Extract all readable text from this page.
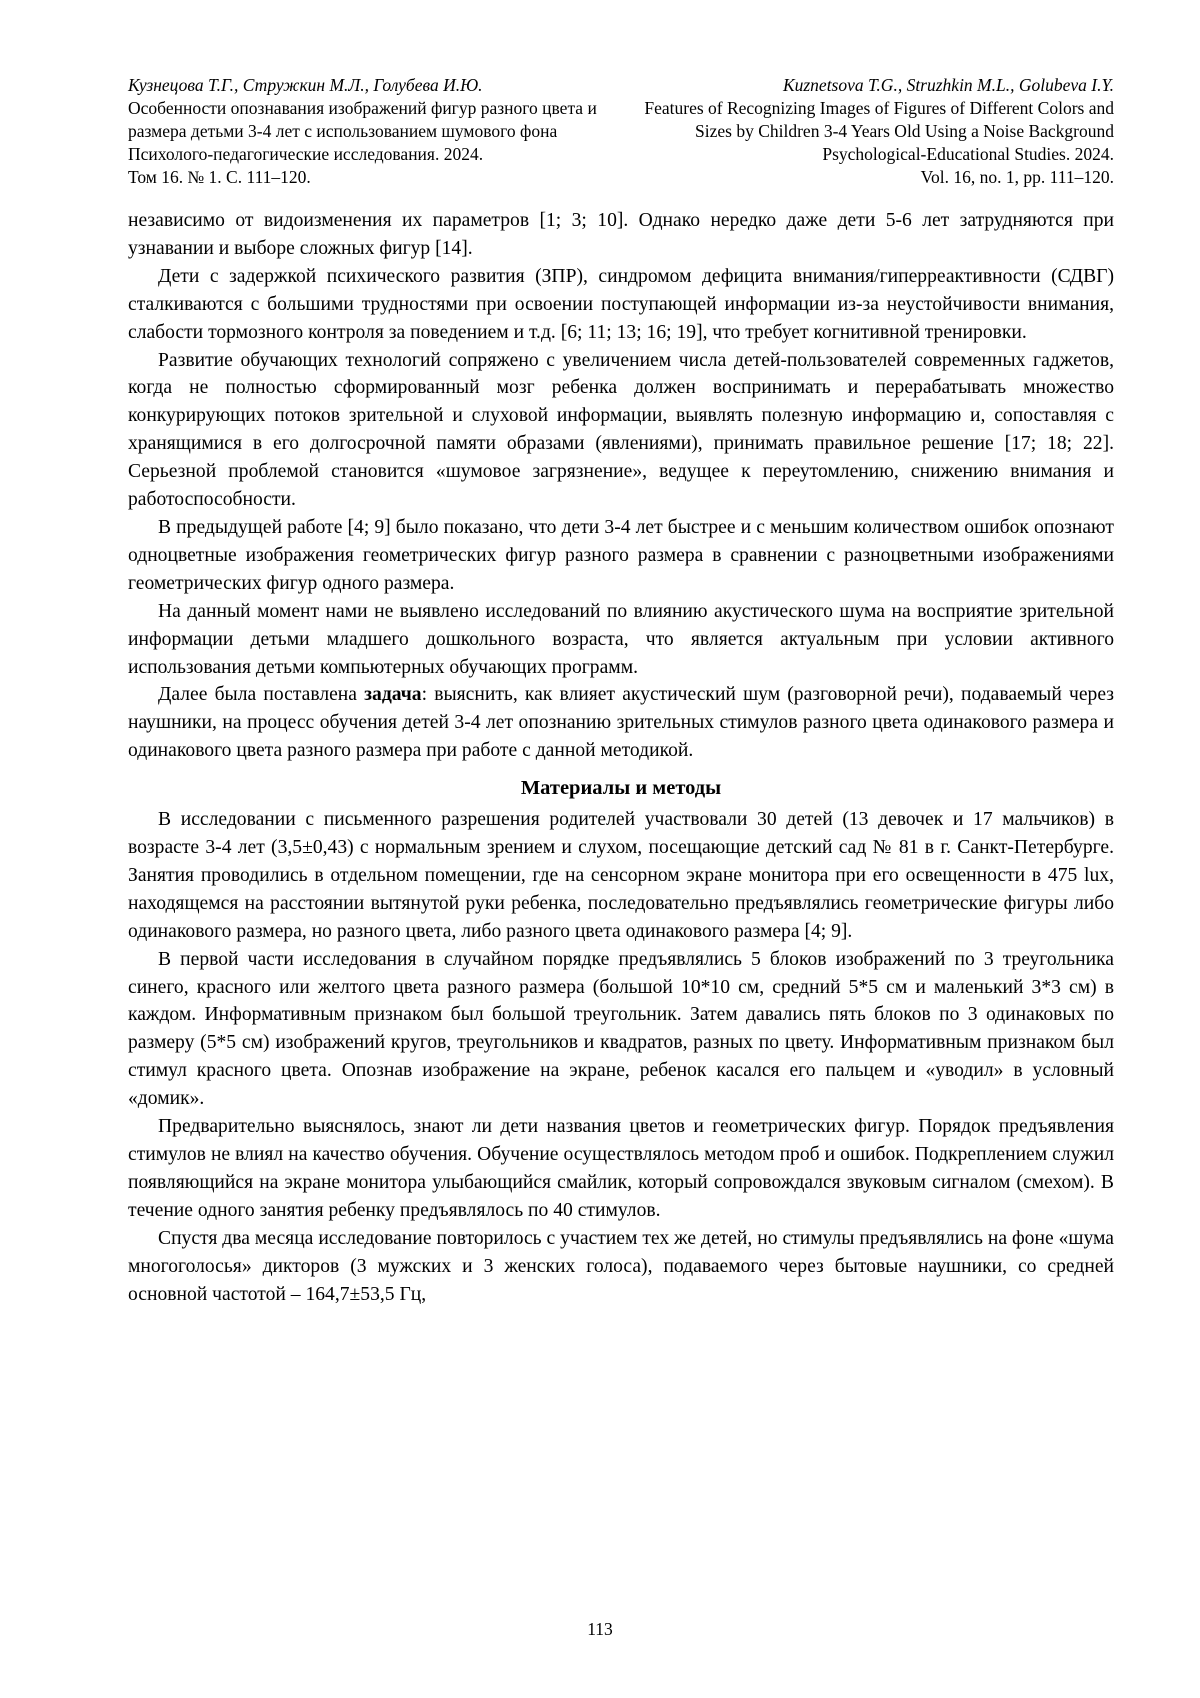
Кузнецова Т.Г., Стружкин М.Л., Голубева И.Ю.
Особенности опознавания изображений фигур разного цвета и размера детьми 3-4 лет с использованием шумового фона
Психолого-педагогические исследования. 2024.
Том 16. № 1. С. 111–120.
Kuznetsova T.G., Struzhkin M.L., Golubeva I.Y.
Features of Recognizing Images of Figures of Different Colors and Sizes by Children 3-4 Years Old Using a Noise Background
Psychological-Educational Studies. 2024.
Vol. 16, no. 1, pp. 111–120.

независимо от видоизменения их параметров [1; 3; 10]. Однако нередко даже дети 5-6 лет затрудняются при узнавании и выборе сложных фигур [14].

Дети с задержкой психического развития (ЗПР), синдромом дефицита внимания/гиперреактивности (СДВГ) сталкиваются с большими трудностями при освоении поступающей информации из-за неустойчивости внимания, слабости тормозного контроля за поведением и т.д. [6; 11; 13; 16; 19], что требует когнитивной тренировки.

Развитие обучающих технологий сопряжено с увеличением числа детей-пользователей современных гаджетов, когда не полностью сформированный мозг ребенка должен воспринимать и перерабатывать множество конкурирующих потоков зрительной и слуховой информации, выявлять полезную информацию и, сопоставляя с хранящимися в его долгосрочной памяти образами (явлениями), принимать правильное решение [17; 18; 22]. Серьезной проблемой становится «шумовое загрязнение», ведущее к переутомлению, снижению внимания и работоспособности.

В предыдущей работе [4; 9] было показано, что дети 3-4 лет быстрее и с меньшим количеством ошибок опознают одноцветные изображения геометрических фигур разного размера в сравнении с разноцветными изображениями геометрических фигур одного размера.

На данный момент нами не выявлено исследований по влиянию акустического шума на восприятие зрительной информации детьми младшего дошкольного возраста, что является актуальным при условии активного использования детьми компьютерных обучающих программ.

Далее была поставлена задача: выяснить, как влияет акустический шум (разговорной речи), подаваемый через наушники, на процесс обучения детей 3-4 лет опознанию зрительных стимулов разного цвета одинакового размера и одинакового цвета разного размера при работе с данной методикой.

Материалы и методы

В исследовании с письменного разрешения родителей участвовали 30 детей (13 девочек и 17 мальчиков) в возрасте 3-4 лет (3,5±0,43) с нормальным зрением и слухом, посещающие детский сад № 81 в г. Санкт-Петербурге. Занятия проводились в отдельном помещении, где на сенсорном экране монитора при его освещенности в 475 lux, находящемся на расстоянии вытянутой руки ребенка, последовательно предъявлялись геометрические фигуры либо одинакового размера, но разного цвета, либо разного цвета одинакового размера [4; 9].

В первой части исследования в случайном порядке предъявлялись 5 блоков изображений по 3 треугольника синего, красного или желтого цвета разного размера (большой 10*10 см, средний 5*5 см и маленький 3*3 см) в каждом. Информативным признаком был большой треугольник. Затем давались пять блоков по 3 одинаковых по размеру (5*5 см) изображений кругов, треугольников и квадратов, разных по цвету. Информативным признаком был стимул красного цвета. Опознав изображение на экране, ребенок касался его пальцем и «уводил» в условный «домик».

Предварительно выяснялось, знают ли дети названия цветов и геометрических фигур. Порядок предъявления стимулов не влиял на качество обучения. Обучение осуществлялось методом проб и ошибок. Подкреплением служил появляющийся на экране монитора улыбающийся смайлик, который сопровождался звуковым сигналом (смехом). В течение одного занятия ребенку предъявлялось по 40 стимулов.

Спустя два месяца исследование повторилось с участием тех же детей, но стимулы предъявлялись на фоне «шума многоголосья» дикторов (3 мужских и 3 женских голоса), подаваемого через бытовые наушники, со средней основной частотой – 164,7±53,5 Гц,

113
